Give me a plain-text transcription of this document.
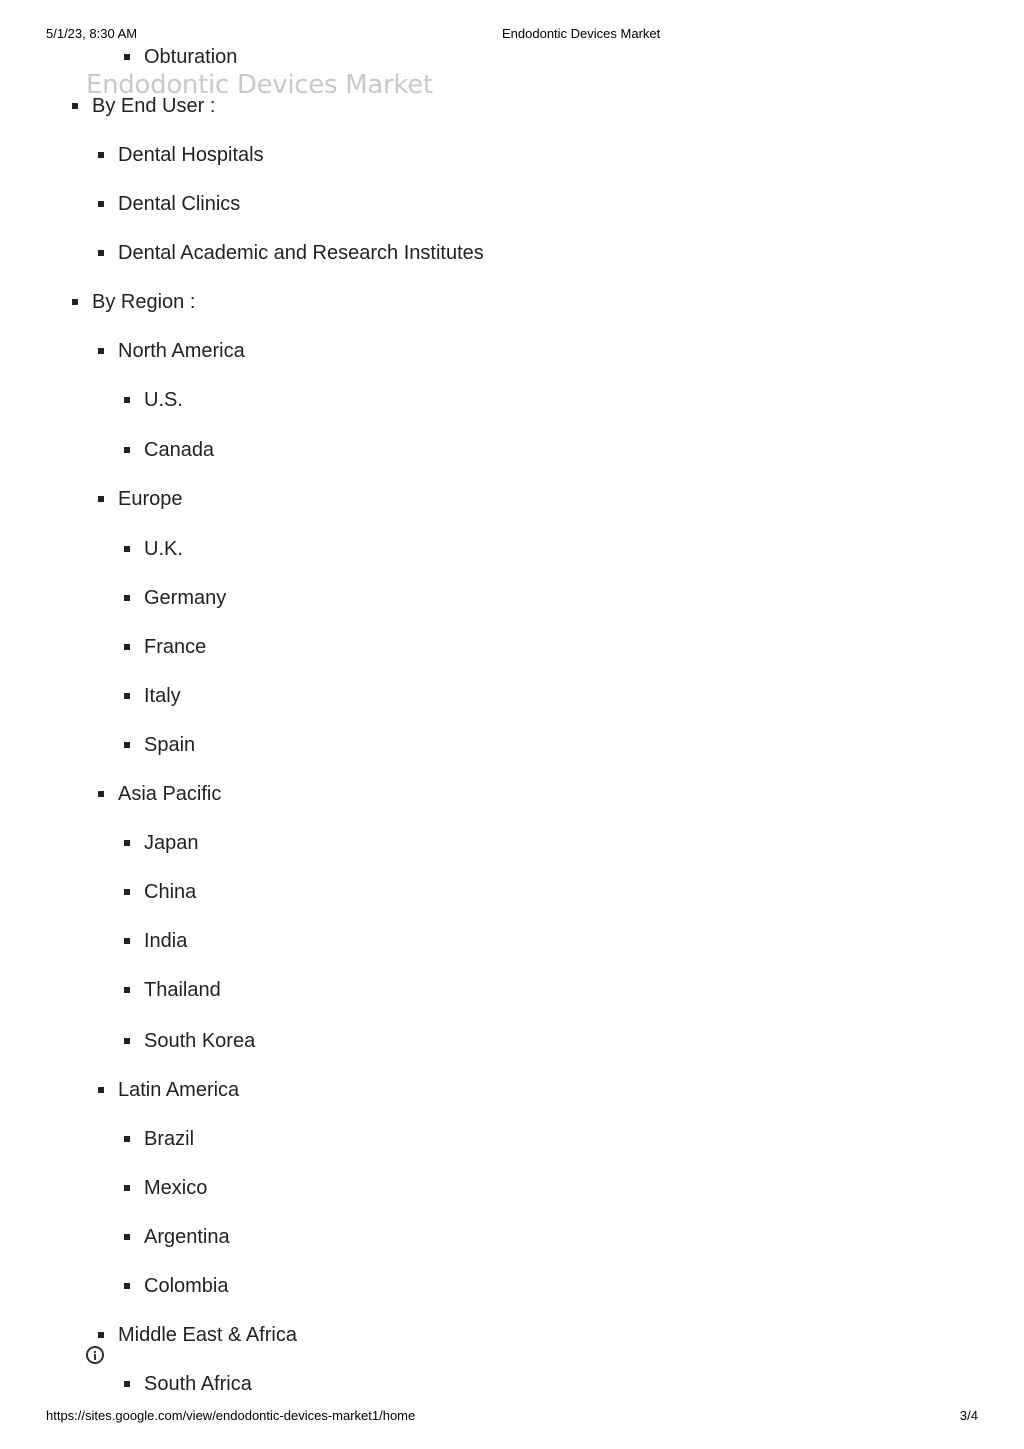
5/1/23, 8:30 AM	Endodontic Devices Market
Endodontic Devices Market
Obturation
By End User :
Dental Hospitals
Dental Clinics
Dental Academic and Research Institutes
By Region :
North America
U.S.
Canada
Europe
U.K.
Germany
France
Italy
Spain
Asia Pacific
Japan
China
India
Thailand
South Korea
Latin America
Brazil
Mexico
Argentina
Colombia
Middle East & Africa
South Africa
https://sites.google.com/view/endodontic-devices-market1/home	3/4
